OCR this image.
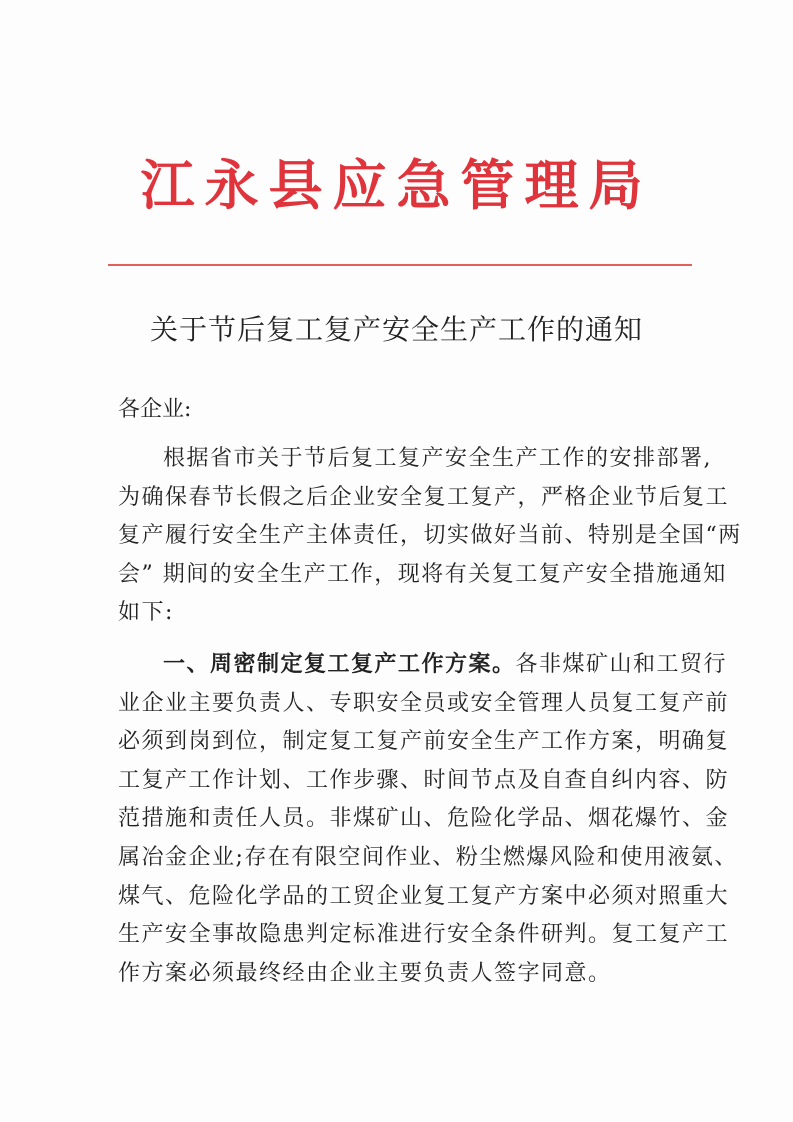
江永县应急管理局
关于节后复工复产安全生产工作的通知
各企业:
根据省市关于节后复工复产安全生产工作的安排部署,
为确保春节长假之后企业安全复工复产，严格企业节后复工
复产履行安全生产主体责任，切实做好当前、特别是全国“两
会” 期间的安全生产工作，现将有关复工复产安全措施通知
如下:
一、周密制定复工复产工作方案。各非煤矿山和工贸行
业企业主要负责人、专职安全员或安全管理人员复工复产前
必须到岗到位，制定复工复产前安全生产工作方案，明确复
工复产工作计划、工作步骤、时间节点及自查自纠内容、防
范措施和责任人员。非煤矿山、危险化学品、烟花爆竹、金
属冶金企业;存在有限空间作业、粉尘燃爆风险和使用液氨、
煤气、危险化学品的工贸企业复工复产方案中必须对照重大
生产安全事故隐患判定标准进行安全条件研判。复工复产工
作方案必须最终经由企业主要负责人签字同意。
